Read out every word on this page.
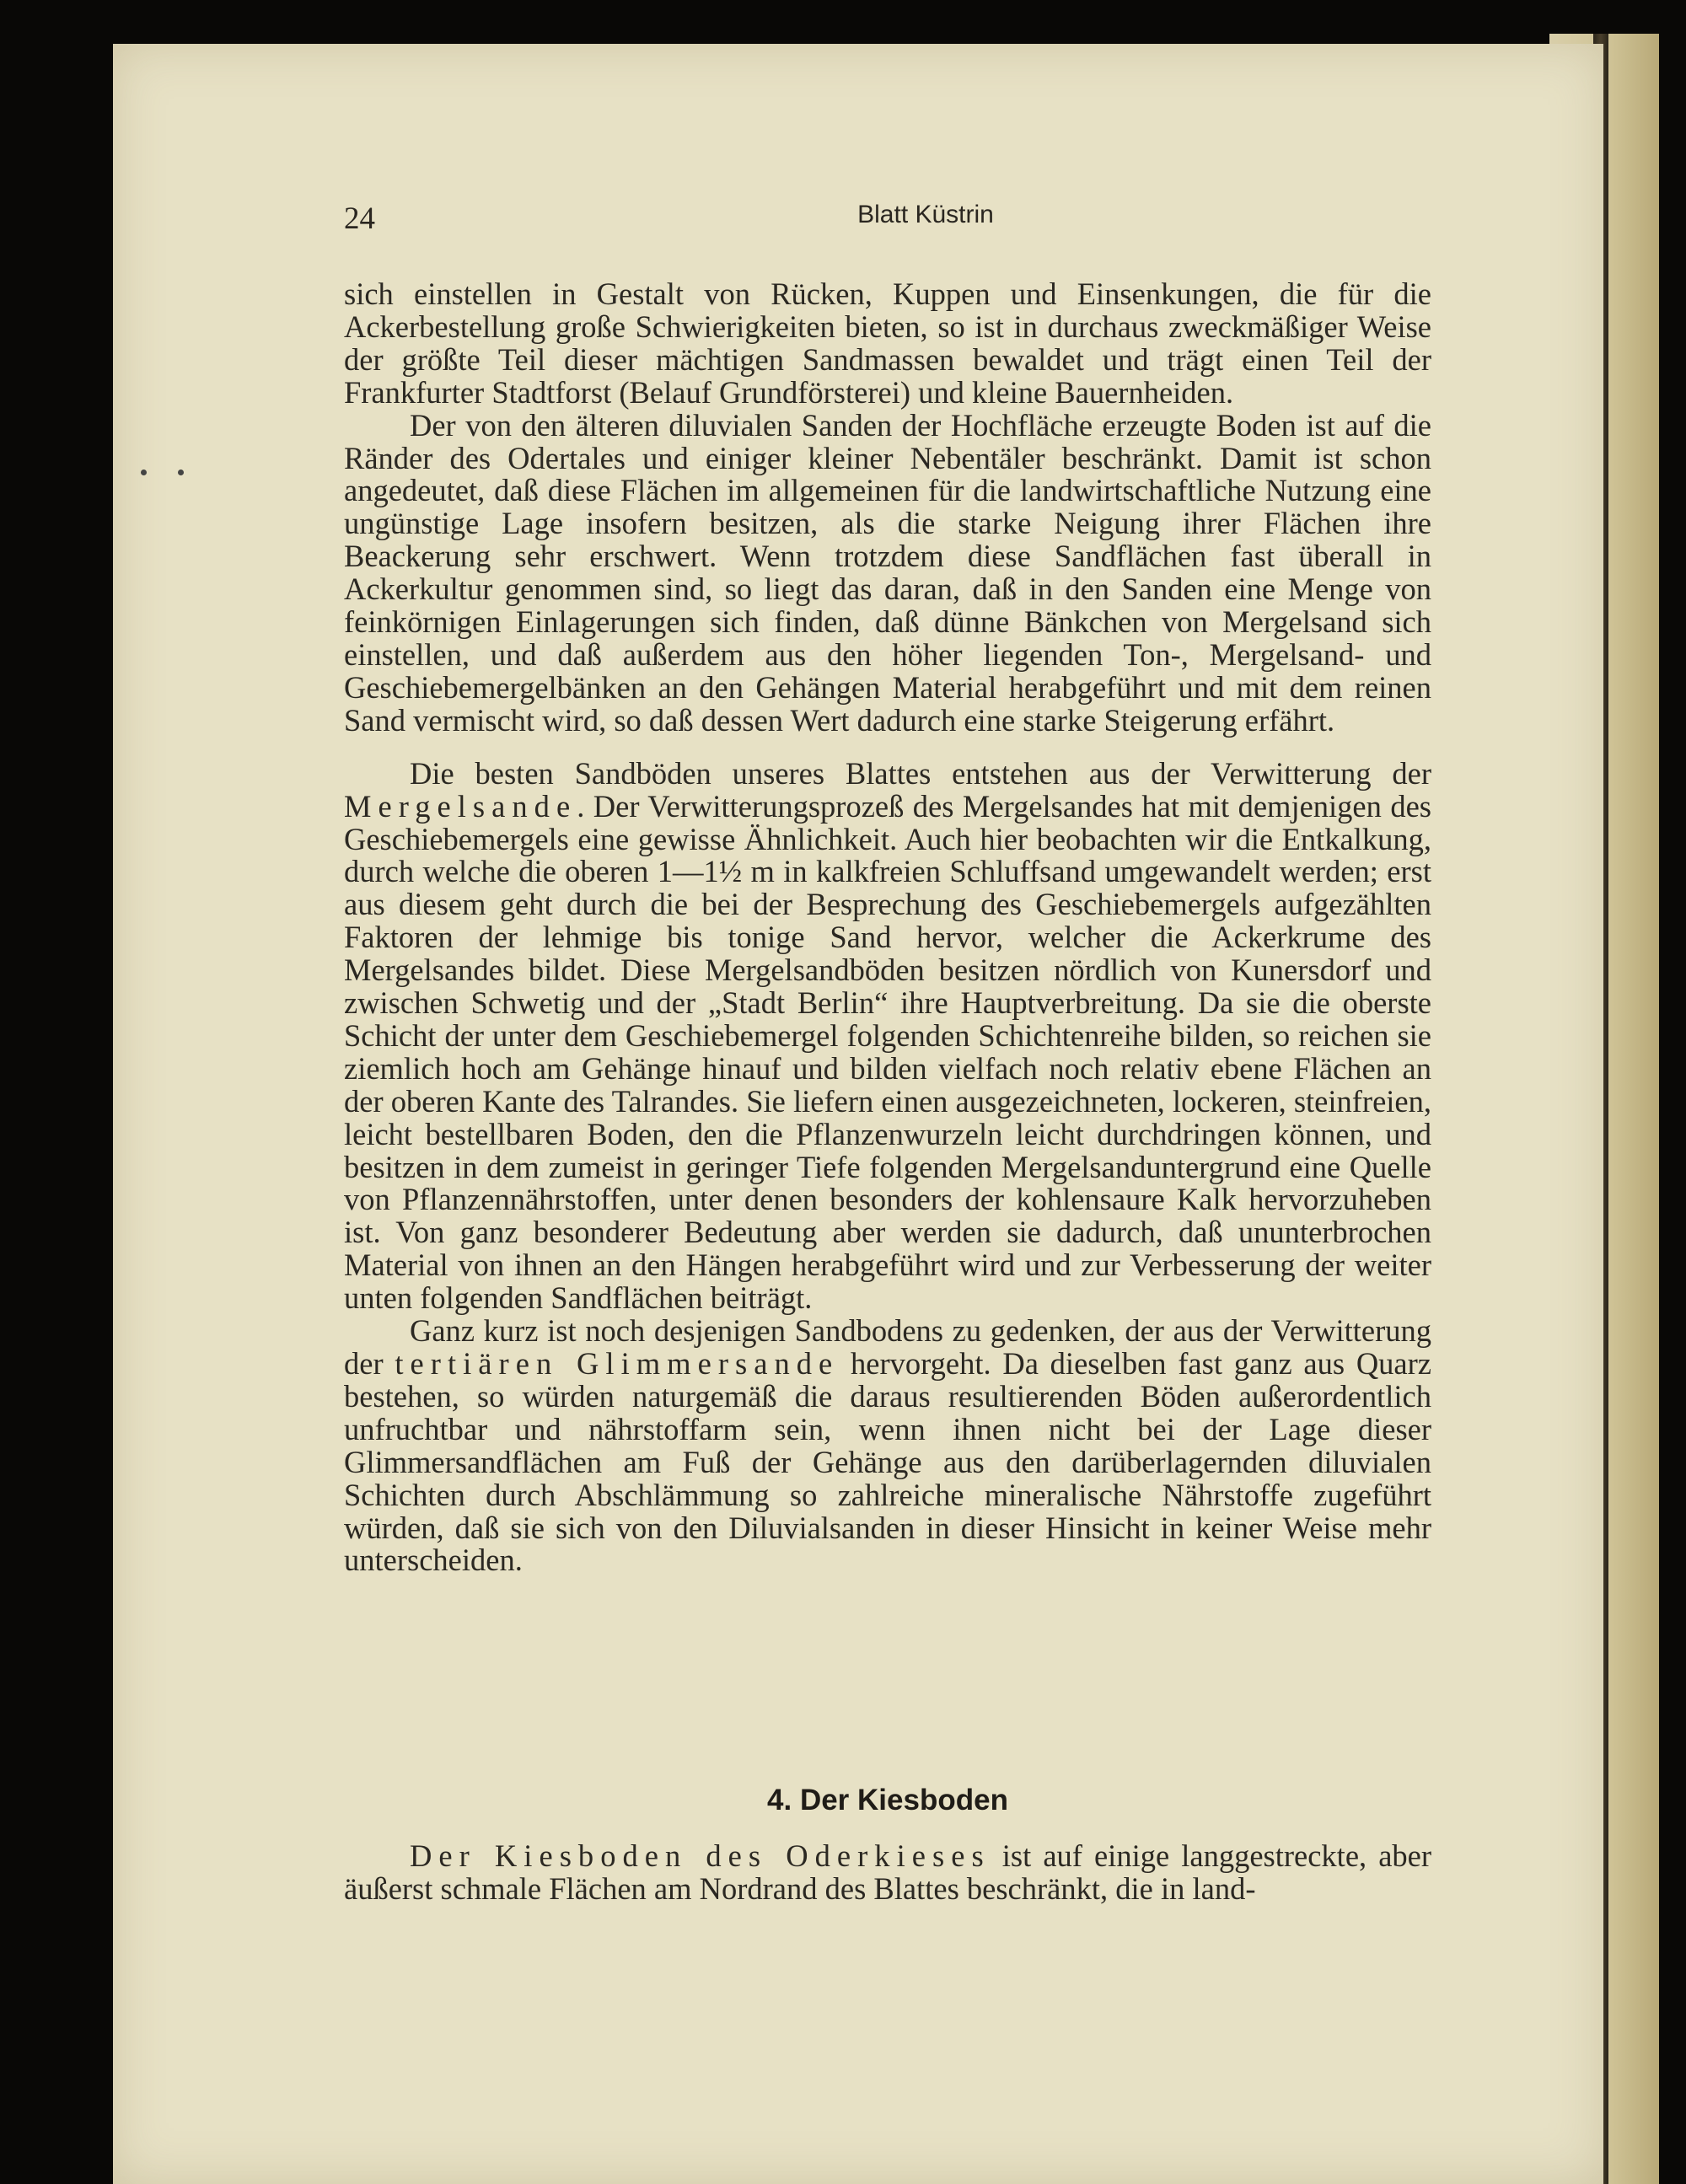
24	Blatt Küstrin

sich einstellen in Gestalt von Rücken, Kuppen und Einsenkungen, die für die Ackerbestellung große Schwierigkeiten bieten, so ist in durchaus zweckmäßiger Weise der größte Teil dieser mächtigen Sandmassen bewaldet und trägt einen Teil der Frankfurter Stadtforst (Belauf Grundförsterei) und kleine Bauernheiden.

Der von den älteren diluvialen Sanden der Hochfläche erzeugte Boden ist auf die Ränder des Odertales und einiger kleiner Nebentäler beschränkt. Damit ist schon angedeutet, daß diese Flächen im allgemeinen für die landwirtschaftliche Nutzung eine ungünstige Lage insofern besitzen, als die starke Neigung ihrer Flächen ihre Beackerung sehr erschwert. Wenn trotzdem diese Sandflächen fast überall in Ackerkultur genommen sind, so liegt das daran, daß in den Sanden eine Menge von feinkörnigen Einlagerungen sich finden, daß dünne Bänkchen von Mergelsand sich einstellen, und daß außerdem aus den höher liegenden Ton-, Mergelsand- und Geschiebemergelbänken an den Gehängen Material herabgeführt und mit dem reinen Sand vermischt wird, so daß dessen Wert dadurch eine starke Steigerung erfährt.

Die besten Sandböden unseres Blattes entstehen aus der Verwitterung der Mergelsande. Der Verwitterungsprozeß des Mergelsandes hat mit demjenigen des Geschiebemergels eine gewisse Ähnlichkeit. Auch hier beobachten wir die Entkalkung, durch welche die oberen 1—1½ m in kalkfreien Schluffsand umgewandelt werden; erst aus diesem geht durch die bei der Besprechung des Geschiebemergels aufgezählten Faktoren der lehmige bis tonige Sand hervor, welcher die Ackerkrume des Mergelsandes bildet. Diese Mergelsandböden besitzen nördlich von Kunersdorf und zwischen Schwetig und der „Stadt Berlin“ ihre Hauptverbreitung. Da sie die oberste Schicht der unter dem Geschiebemergel folgenden Schichtenreihe bilden, so reichen sie ziemlich hoch am Gehänge hinauf und bilden vielfach noch relativ ebene Flächen an der oberen Kante des Talrandes. Sie liefern einen ausgezeichneten, lockeren, steinfreien, leicht bestellbaren Boden, den die Pflanzenwurzeln leicht durchdringen können, und besitzen in dem zumeist in geringer Tiefe folgenden Mergelsanduntergrund eine Quelle von Pflanzennährstoffen, unter denen besonders der kohlensaure Kalk hervorzuheben ist. Von ganz besonderer Bedeutung aber werden sie dadurch, daß ununterbrochen Material von ihnen an den Hängen herabgeführt wird und zur Verbesserung der weiter unten folgenden Sandflächen beiträgt.

Ganz kurz ist noch desjenigen Sandbodens zu gedenken, der aus der Verwitterung der tertiären Glimmersande hervorgeht. Da dieselben fast ganz aus Quarz bestehen, so würden naturgemäß die daraus resultierenden Böden außerordentlich unfruchtbar und nährstoffarm sein, wenn ihnen nicht bei der Lage dieser Glimmersandflächen am Fuß der Gehänge aus den darüberlagernden diluvialen Schichten durch Abschlämmung so zahlreiche mineralische Nährstoffe zugeführt würden, daß sie sich von den Diluvialsanden in dieser Hinsicht in keiner Weise mehr unterscheiden.

4. Der Kiesboden

Der Kiesboden des Oderkieses ist auf einige langgestreckte, aber äußerst schmale Flächen am Nordrand des Blattes beschränkt, die in land-
